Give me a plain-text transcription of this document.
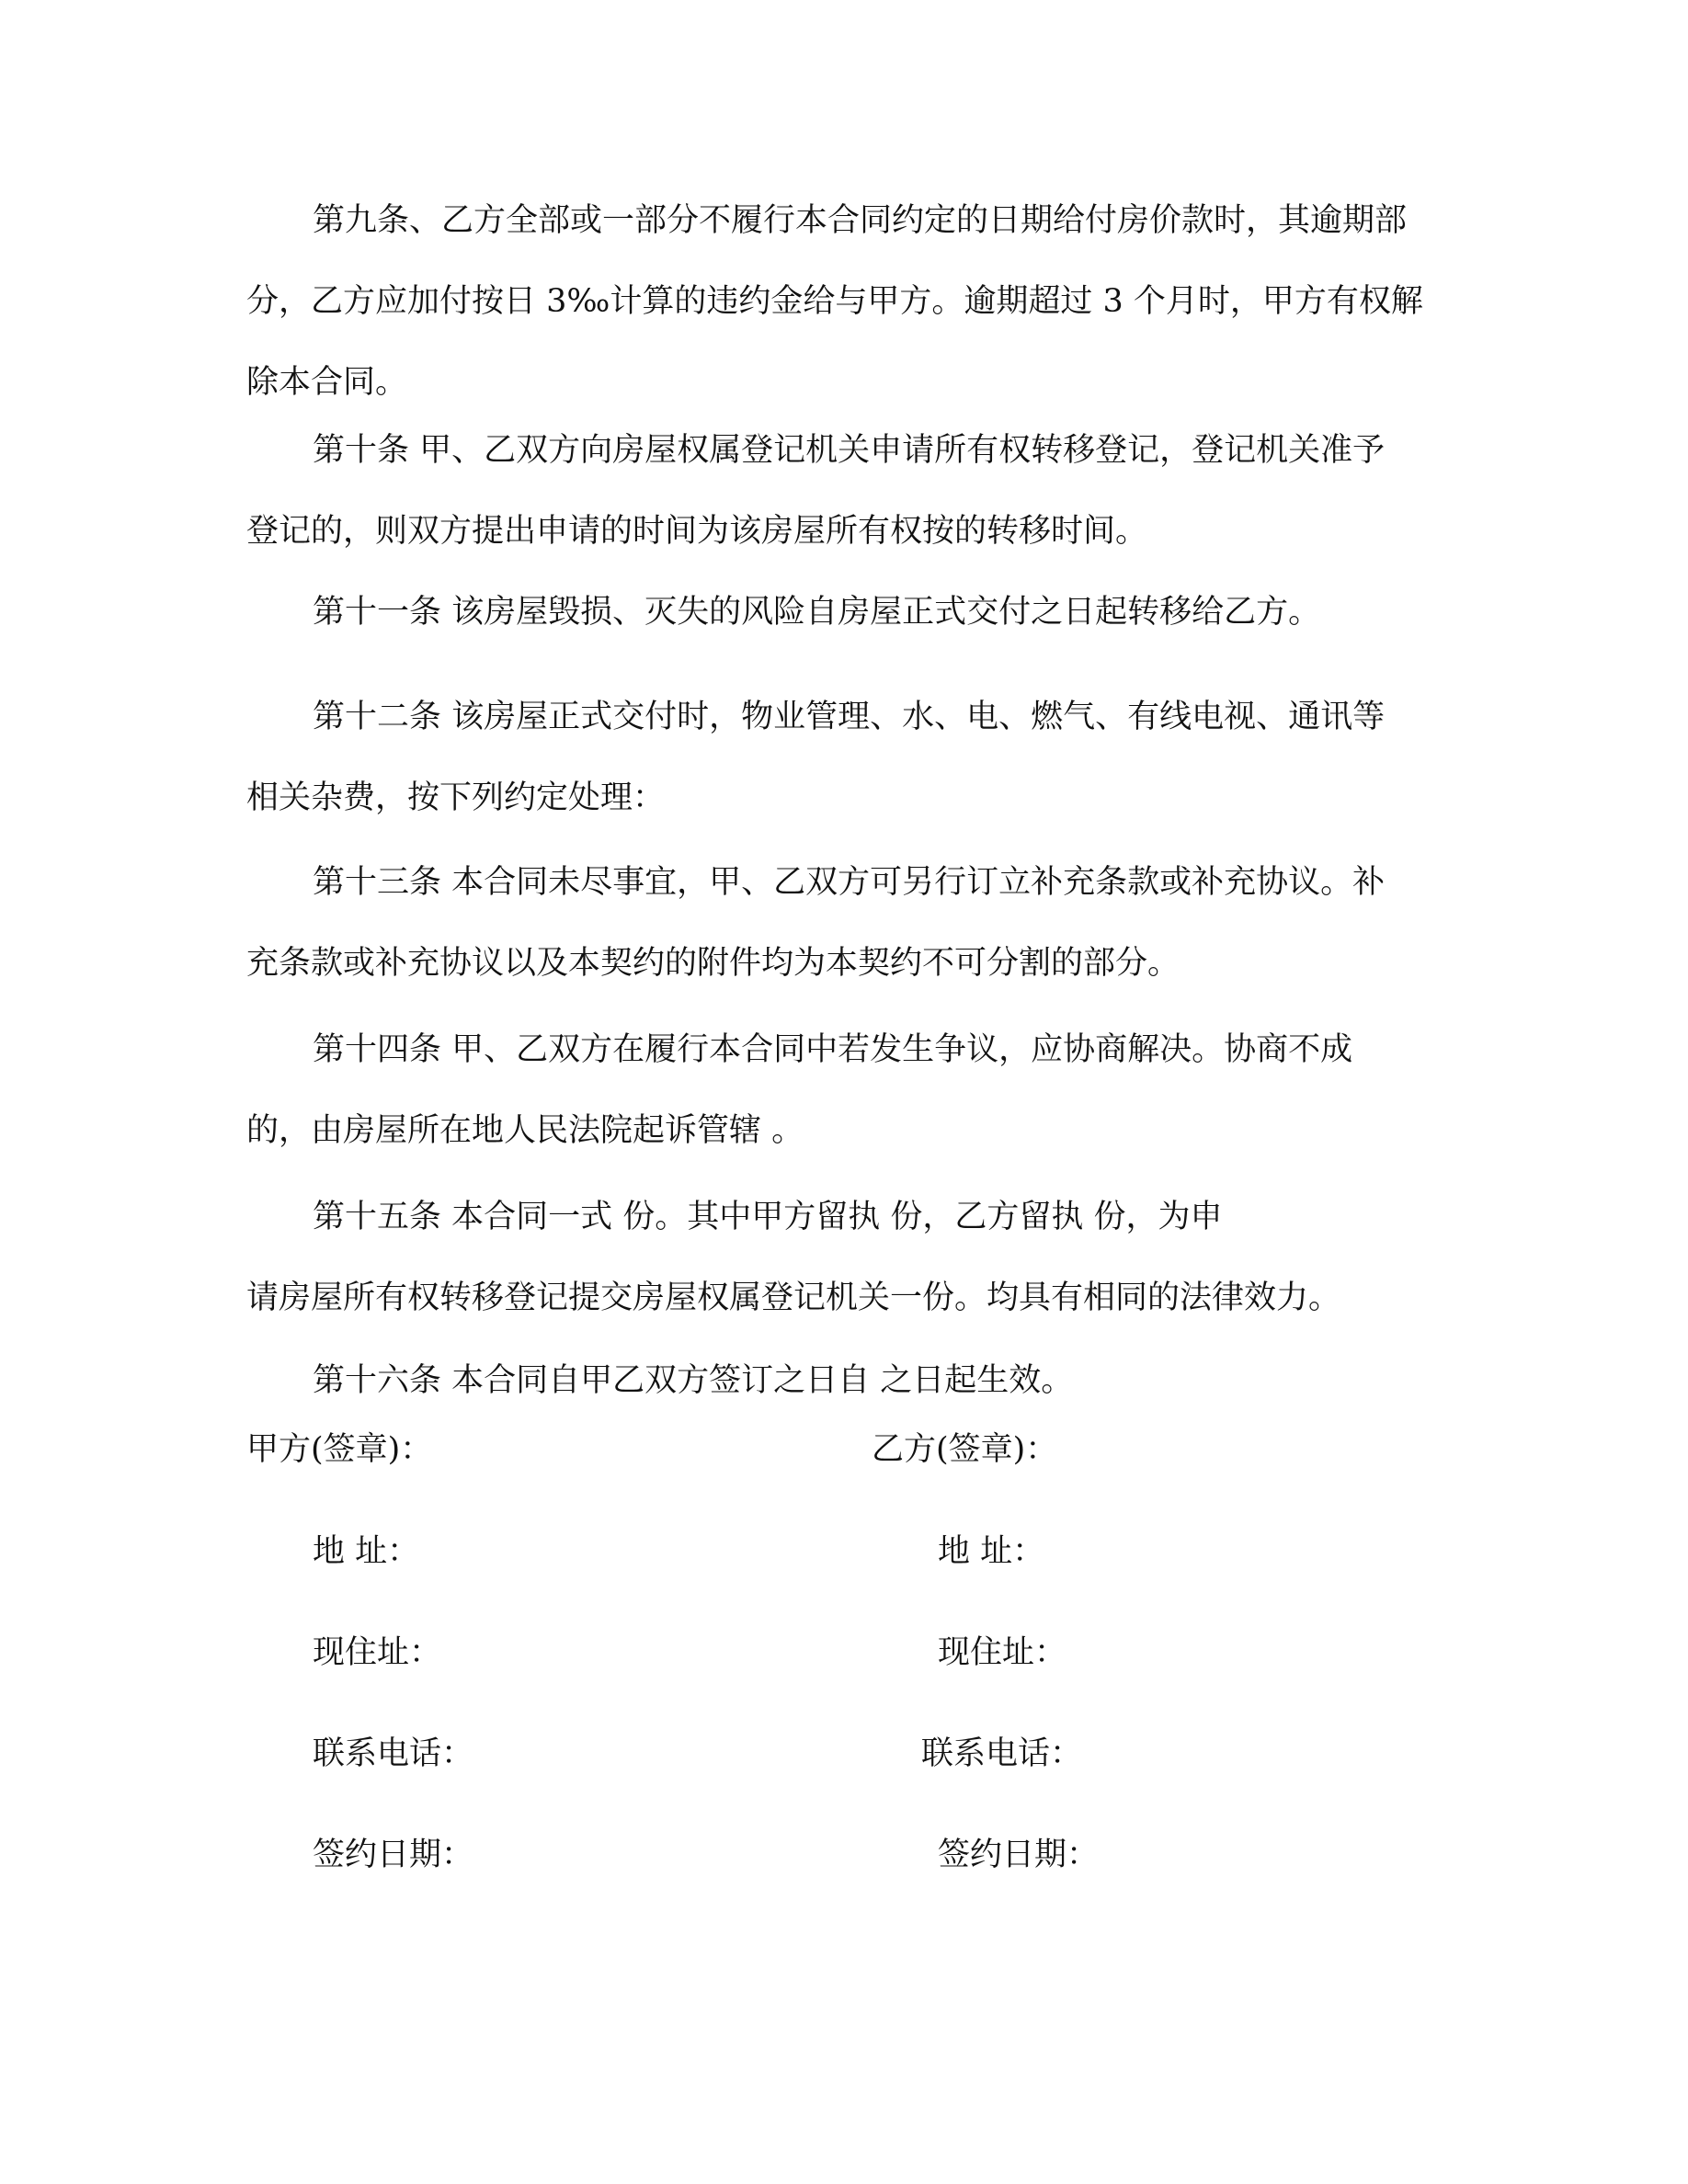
第九条、乙方全部或一部分不履行本合同约定的日期给付房价款时，其逾期部
分，乙方应加付按日 3‰计算的违约金给与甲方。逾期超过 3 个月时，甲方有权解
除本合同。
第十条 甲、乙双方向房屋权属登记机关申请所有权转移登记，登记机关准予
登记的，则双方提出申请的时间为该房屋所有权按的转移时间。
第十一条 该房屋毁损、灭失的风险自房屋正式交付之日起转移给乙方。
第十二条 该房屋正式交付时，物业管理、水、电、燃气、有线电视、通讯等
相关杂费，按下列约定处理：
第十三条 本合同未尽事宜，甲、乙双方可另行订立补充条款或补充协议。补
充条款或补充协议以及本契约的附件均为本契约不可分割的部分。
第十四条 甲、乙双方在履行本合同中若发生争议，应协商解决。协商不成
的，由房屋所在地人民法院起诉管辖 。
第十五条 本合同一式 份。其中甲方留执 份，乙方留执 份，为申
请房屋所有权转移登记提交房屋权属登记机关一份。均具有相同的法律效力。
第十六条 本合同自甲乙双方签订之日自 之日起生效。
甲方(签章)：
地 址：
现住址：
联系电话：
签约日期：
乙方(签章)：
地 址：
现住址：
联系电话：
签约日期：
